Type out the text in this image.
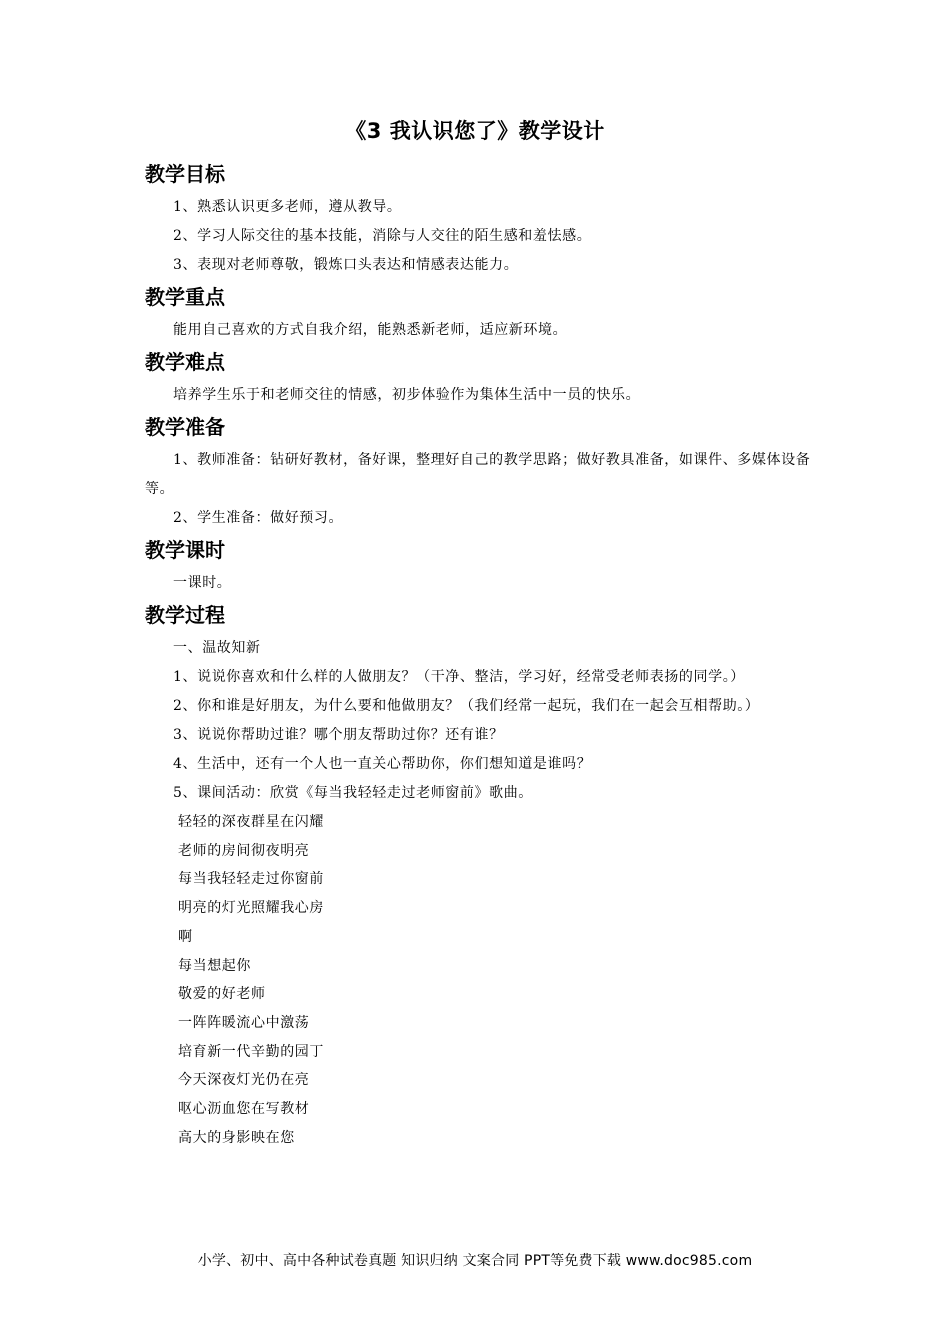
《3 我认识您了》教学设计
教学目标

1、熟悉认识更多老师，遵从教导。

2、学习人际交往的基本技能，消除与人交往的陌生感和羞怯感。

3、表现对老师尊敬，锻炼口头表达和情感表达能力。

教学重点

能用自己喜欢的方式自我介绍，能熟悉新老师，适应新环境。

教学难点

培养学生乐于和老师交往的情感，初步体验作为集体生活中一员的快乐。

教学准备

1、教师准备：钻研好教材，备好课，整理好自己的教学思路；做好教具准备，如课件、多媒体设备等。

2、学生准备：做好预习。

教学课时

一课时。

教学过程

一、温故知新

1、说说你喜欢和什么样的人做朋友？（干净、整洁，学习好，经常受老师表扬的同学。）

2、你和谁是好朋友，为什么要和他做朋友？（我们经常一起玩，我们在一起会互相帮助。）

3、说说你帮助过谁？哪个朋友帮助过你？还有谁？

4、生活中，还有一个人也一直关心帮助你，你们想知道是谁吗？

5、课间活动：欣赏《每当我轻轻走过老师窗前》歌曲。

轻轻的深夜群星在闪耀
老师的房间彻夜明亮
每当我轻轻走过你窗前
明亮的灯光照耀我心房
啊
每当想起你
敬爱的好老师
一阵阵暖流心中激荡
培育新一代辛勤的园丁
今天深夜灯光仍在亮
呕心沥血您在写教材
高大的身影映在您
小学、初中、高中各种试卷真题 知识归纳 文案合同 PPT等免费下载 www.doc985.com
